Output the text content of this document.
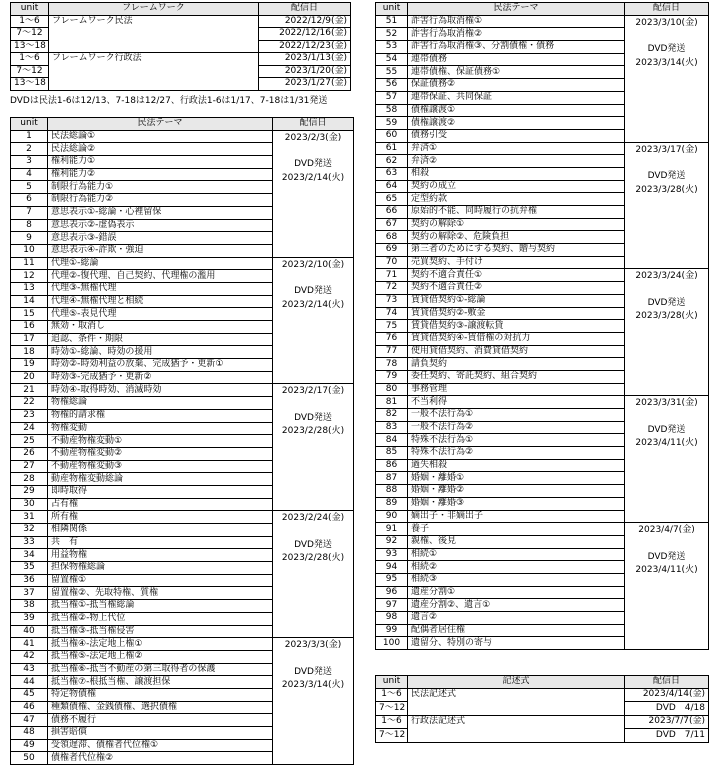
unit	フレームワーク	配信日
1～6	フレームワーク民法	2022/12/9(金)
7～12		2022/12/16(金)
13～18		2022/12/23(金)
1～6	フレームワーク行政法	2023/1/13(金)
7～12		2023/1/20(金)
13～18		2023/1/27(金)
DVDは民法1-6は12/13、7-18は12/27、行政法1-6は1/17、7-18は1/31発送
unit	民法テーマ	配信日
1	民法総論①	2023/2/3(金)
DVD発送
2023/2/14(火)

2	民法総論②	
3	権利能力①	
4	権利能力②	
5	制限行為能力①	
6	制限行為能力②	
7	意思表示①-総論・心裡留保	
8	意思表示②-虚偽表示	
9	意思表示③-錯誤	
10	意思表示④-詐欺・強迫	
11	代理①-総論	2023/2/10(金)
DVD発送
2023/2/14(火)

12	代理②-復代理、自己契約、代理権の濫用	
13	代理③-無権代理	
14	代理④-無権代理と相続	
15	代理⑤-表見代理	
16	無効・取消し	
17	追認、条件・期限	
18	時効①-総論、時効の援用	
19	時効②-時効利益の放棄、完成猶予・更新①	
20	時効③-完成猶予・更新②	
21	時効④-取得時効、消滅時効	2023/2/17(金)
DVD発送
2023/2/28(火)

22	物権総論	
23	物権的請求権	
24	物権変動	
25	不動産物権変動①	
26	不動産物権変動②	
27	不動産物権変動③	
28	動産物権変動総論	
29	即時取得	
30	占有権	
31	所有権	2023/2/24(金)
DVD発送
2023/2/28(火)

32	相隣関係	
33	共　有	
34	用益物権	
35	担保物権総論	
36	留置権①	
37	留置権②、先取特権、質権	
38	抵当権①-抵当権総論	
39	抵当権②-物上代位	
40	抵当権③-抵当権侵害	
41	抵当権④-法定地上権①	2023/3/3(金)
DVD発送
2023/3/14(火)

42	抵当権⑤-法定地上権②	
43	抵当権⑥-抵当不動産の第三取得者の保護	
44	抵当権⑦-根抵当権、譲渡担保	
45	特定物債権	
46	種類債権、金銭債権、選択債権	
47	債務不履行	
48	損害賠償	
49	受領遅滞、債権者代位権①	
50	債権者代位権②	
unit	民法テーマ	配信日
51	詐害行為取消権①	2023/3/10(金)
DVD発送
2023/3/14(火)

52	詐害行為取消権②	
53	詐害行為取消権③、分割債権・債務	
54	連帯債務	
55	連帯債権、保証債務①	
56	保証債務②	
57	連帯保証、共同保証	
58	債権譲渡①	
59	債権譲渡②	
60	債務引受	
61	弁済①	2023/3/17(金)
DVD発送
2023/3/28(火)

62	弁済②	
63	相殺	
64	契約の成立	
65	定型約款	
66	原始的不能、同時履行の抗弁権	
67	契約の解除①	
68	契約の解除②、危険負担	
69	第三者のためにする契約、贈与契約	
70	売買契約、手付け	
71	契約不適合責任①	2023/3/24(金)
DVD発送
2023/3/28(火)

72	契約不適合責任②	
73	賃貸借契約①-総論	
74	賃貸借契約②-敷金	
75	賃貸借契約③-譲渡転貸	
76	賃貸借契約④-賃借権の対抗力	
77	使用貸借契約、消費貸借契約	
78	請負契約	
79	委任契約、寄託契約、組合契約	
80	事務管理	
81	不当利得	2023/3/31(金)
DVD発送
2023/4/11(火)

82	一般不法行為①	
83	一般不法行為②	
84	特殊不法行為①	
85	特殊不法行為②	
86	過失相殺	
87	婚姻・離婚①	
88	婚姻・離婚②	
89	婚姻・離婚③	
90	嫡出子・非嫡出子	
91	養子	2023/4/7(金)
DVD発送
2023/4/11(火)

92	親権、後見	
93	相続①	
94	相続②	
95	相続③	
96	遺産分割①	
97	遺産分割②、遺言①	
98	遺言②	
99	配偶者居住権	
100	遺留分、特別の寄与	
unit	記述式	配信日
1～6	民法記述式	2023/4/14(金)
7～12		DVD　4/18
1～6	行政法記述式	2023/7/7(金)
7～12		DVD　7/11
